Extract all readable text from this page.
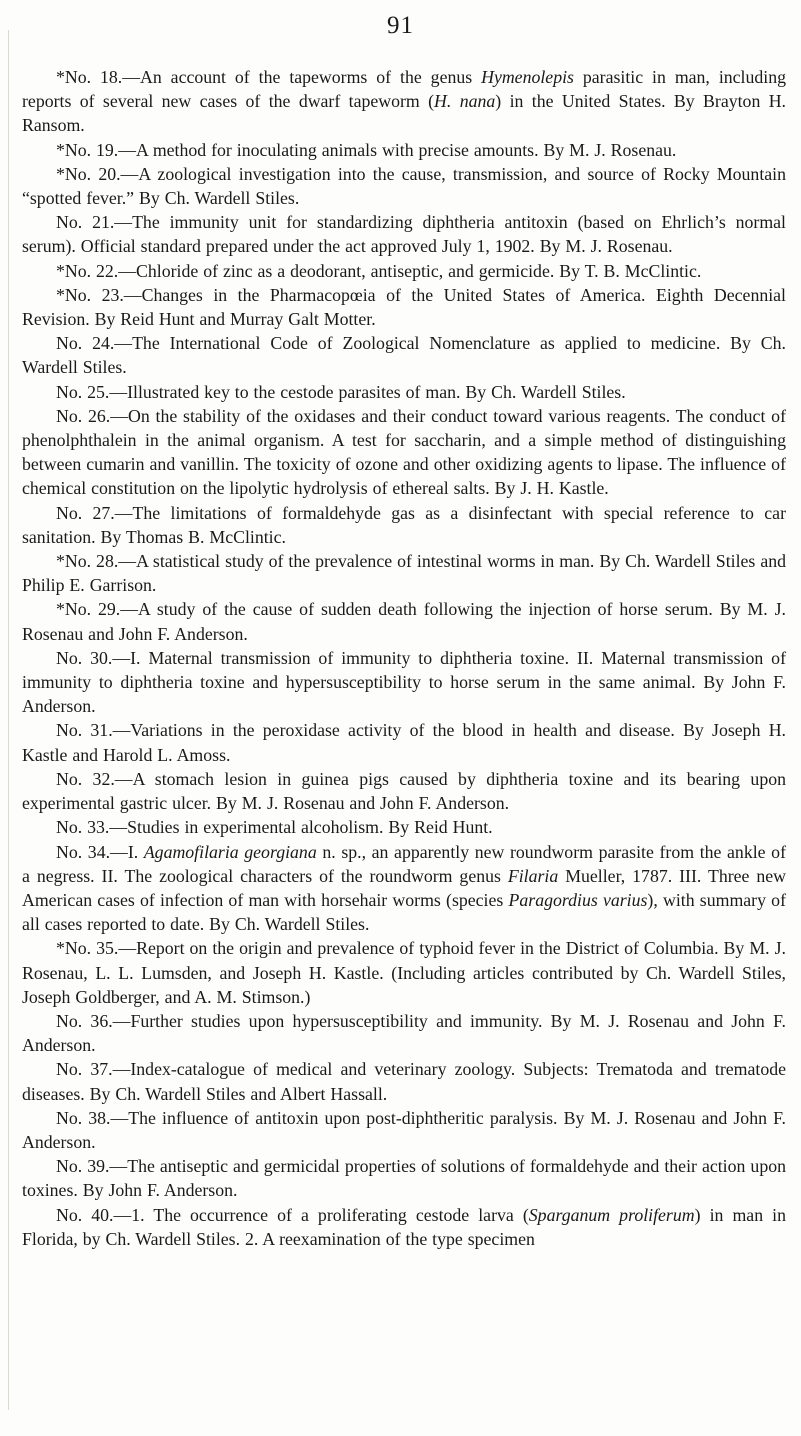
91

*No. 18.—An account of the tapeworms of the genus Hymenolepis parasitic in man, including reports of several new cases of the dwarf tapeworm (H. nana) in the United States. By Brayton H. Ransom.

*No. 19.—A method for inoculating animals with precise amounts. By M. J. Rosenau.

*No. 20.—A zoological investigation into the cause, transmission, and source of Rocky Mountain “spotted fever.” By Ch. Wardell Stiles.

No. 21.—The immunity unit for standardizing diphtheria antitoxin (based on Ehrlich’s normal serum). Official standard prepared under the act approved July 1, 1902. By M. J. Rosenau.

*No. 22.—Chloride of zinc as a deodorant, antiseptic, and germicide. By T. B. McClintic.

*No. 23.—Changes in the Pharmacopœia of the United States of America. Eighth Decennial Revision. By Reid Hunt and Murray Galt Motter.

No. 24.—The International Code of Zoological Nomenclature as applied to medicine. By Ch. Wardell Stiles.

No. 25.—Illustrated key to the cestode parasites of man. By Ch. Wardell Stiles.

No. 26.—On the stability of the oxidases and their conduct toward various reagents. The conduct of phenolphthalein in the animal organism. A test for saccharin, and a simple method of distinguishing between cumarin and vanillin. The toxicity of ozone and other oxidizing agents to lipase. The influence of chemical constitution on the lipolytic hydrolysis of ethereal salts. By J. H. Kastle.

No. 27.—The limitations of formaldehyde gas as a disinfectant with special reference to car sanitation. By Thomas B. McClintic.

*No. 28.—A statistical study of the prevalence of intestinal worms in man. By Ch. Wardell Stiles and Philip E. Garrison.

*No. 29.—A study of the cause of sudden death following the injection of horse serum. By M. J. Rosenau and John F. Anderson.

No. 30.—I. Maternal transmission of immunity to diphtheria toxine. II. Maternal transmission of immunity to diphtheria toxine and hypersusceptibility to horse serum in the same animal. By John F. Anderson.

No. 31.—Variations in the peroxidase activity of the blood in health and disease. By Joseph H. Kastle and Harold L. Amoss.

No. 32.—A stomach lesion in guinea pigs caused by diphtheria toxine and its bearing upon experimental gastric ulcer. By M. J. Rosenau and John F. Anderson.

No. 33.—Studies in experimental alcoholism. By Reid Hunt.

No. 34.—I. Agamofilaria georgiana n. sp., an apparently new roundworm parasite from the ankle of a negress. II. The zoological characters of the roundworm genus Filaria Mueller, 1787. III. Three new American cases of infection of man with horsehair worms (species Paragordius varius), with summary of all cases reported to date. By Ch. Wardell Stiles.

*No. 35.—Report on the origin and prevalence of typhoid fever in the District of Columbia. By M. J. Rosenau, L. L. Lumsden, and Joseph H. Kastle. (Including articles contributed by Ch. Wardell Stiles, Joseph Goldberger, and A. M. Stimson.)

No. 36.—Further studies upon hypersusceptibility and immunity. By M. J. Rosenau and John F. Anderson.

No. 37.—Index-catalogue of medical and veterinary zoology. Subjects: Trematoda and trematode diseases. By Ch. Wardell Stiles and Albert Hassall.

No. 38.—The influence of antitoxin upon post-diphtheritic paralysis. By M. J. Rosenau and John F. Anderson.

No. 39.—The antiseptic and germicidal properties of solutions of formaldehyde and their action upon toxines. By John F. Anderson.

No. 40.—1. The occurrence of a proliferating cestode larva (Sparganum proliferum) in man in Florida, by Ch. Wardell Stiles. 2. A reexamination of the type specimen
